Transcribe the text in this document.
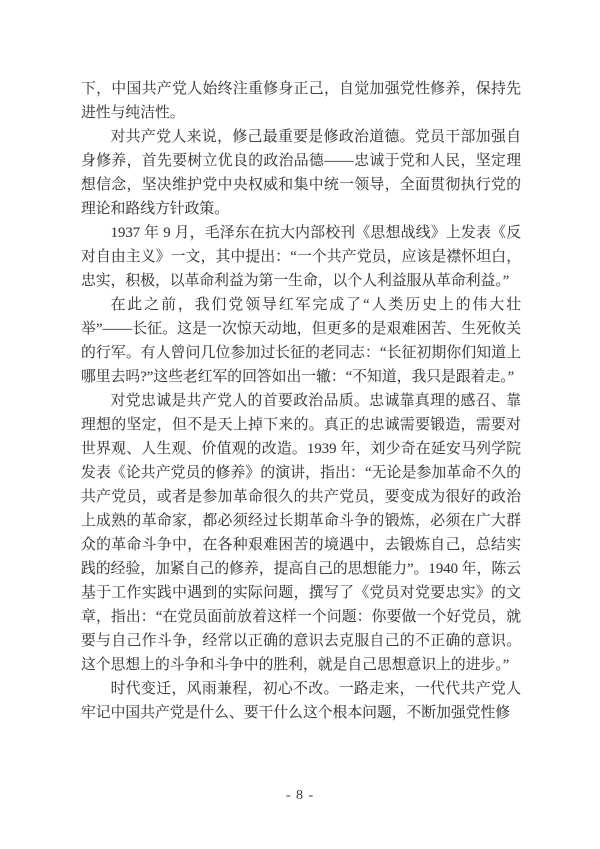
下，中国共产党人始终注重修身正己，自觉加强党性修养，保持先进性与纯洁性。

对共产党人来说，修己最重要是修政治道德。党员干部加强自身修养，首先要树立优良的政治品德——忠诚于党和人民，坚定理想信念，坚决维护党中央权威和集中统一领导，全面贯彻执行党的理论和路线方针政策。

1937 年 9 月，毛泽东在抗大内部校刊《思想战线》上发表《反对自由主义》一文，其中提出：“一个共产党员，应该是襟怀坦白，忠实，积极，以革命利益为第一生命，以个人利益服从革命利益。”

在此之前，我们党领导红军完成了“人类历史上的伟大壮举”——长征。这是一次惊天动地，但更多的是艰难困苦、生死攸关的行军。有人曾问几位参加过长征的老同志：“长征初期你们知道上哪里去吗?”这些老红军的回答如出一辙：“不知道，我只是跟着走。”

对党忠诚是共产党人的首要政治品质。忠诚靠真理的感召、靠理想的坚定，但不是天上掉下来的。真正的忠诚需要锻造，需要对世界观、人生观、价值观的改造。1939 年，刘少奇在延安马列学院发表《论共产党员的修养》的演讲，指出：“无论是参加革命不久的共产党员，或者是参加革命很久的共产党员，要变成为很好的政治上成熟的革命家，都必须经过长期革命斗争的锻炼，必须在广大群众的革命斗争中，在各种艰难困苦的境遇中，去锻炼自己，总结实践的经验，加紧自己的修养，提高自己的思想能力”。1940 年，陈云基于工作实践中遇到的实际问题，撰写了《党员对党要忠实》的文章，指出：“在党员面前放着这样一个问题：你要做一个好党员，就要与自己作斗争，经常以正确的意识去克服自己的不正确的意识。这个思想上的斗争和斗争中的胜利，就是自己思想意识上的进步。”

时代变迁，风雨兼程，初心不改。一路走来，一代代共产党人牢记中国共产党是什么、要干什么这个根本问题，不断加强党性修

- 8 -
